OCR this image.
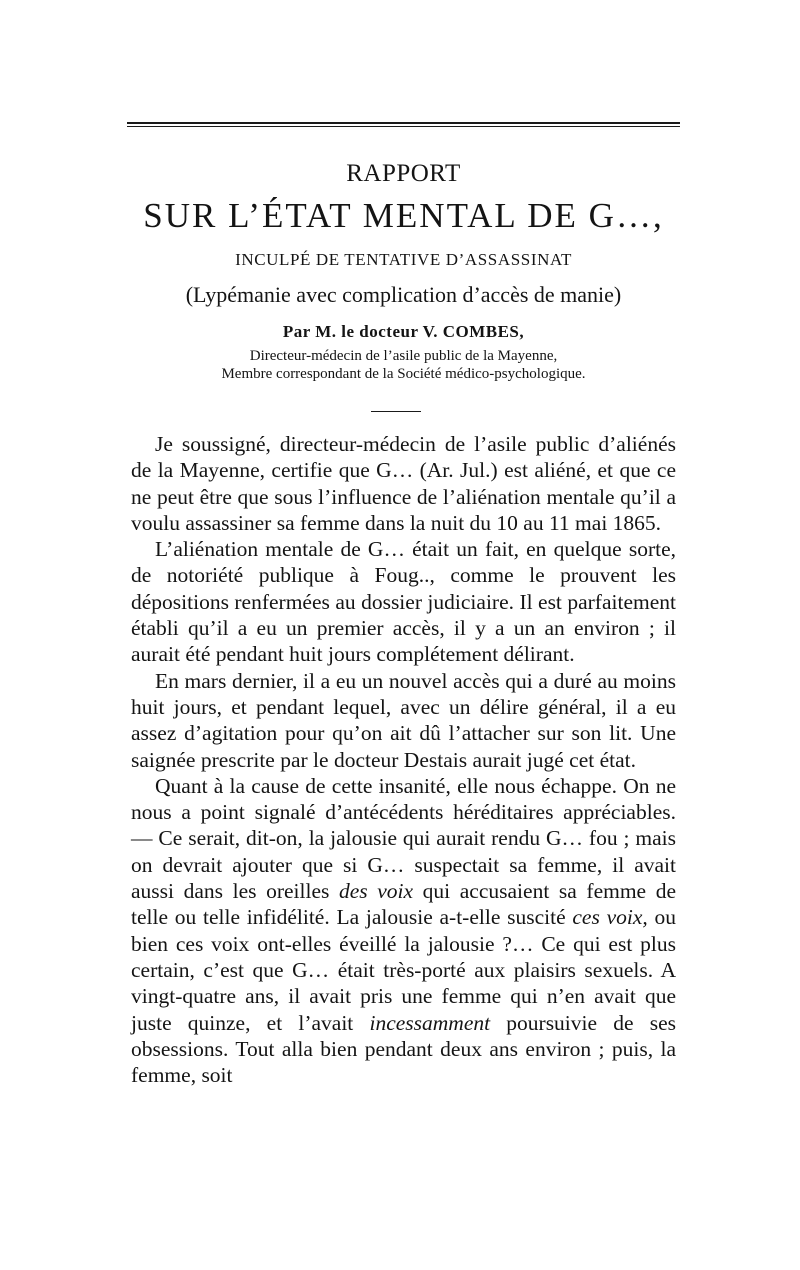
RAPPORT
SUR L’ÉTAT MENTAL DE G…,
INCULPÉ DE TENTATIVE D’ASSASSINAT
(Lypémanie avec complication d’accès de manie)
Par M. le docteur V. COMBES,
Directeur-médecin de l’asile public de la Mayenne,
Membre correspondant de la Société médico-psychologique.

Je soussigné, directeur-médecin de l’asile public d’aliénés de la Mayenne, certifie que G… (Ar. Jul.) est aliéné, et que ce ne peut être que sous l’influence de l’aliénation mentale qu’il a voulu assassiner sa femme dans la nuit du 10 au 11 mai 1865.

L’aliénation mentale de G… était un fait, en quelque sorte, de notoriété publique à Foug.., comme le prouvent les dépositions renfermées au dossier judiciaire. Il est parfaitement établi qu’il a eu un premier accès, il y a un an environ ; il aurait été pendant huit jours complétement délirant.

En mars dernier, il a eu un nouvel accès qui a duré au moins huit jours, et pendant lequel, avec un délire général, il a eu assez d’agitation pour qu’on ait dû l’attacher sur son lit. Une saignée prescrite par le docteur Destais aurait jugé cet état.

Quant à la cause de cette insanité, elle nous échappe. On ne nous a point signalé d’antécédents héréditaires appréciables. — Ce serait, dit-on, la jalousie qui aurait rendu G… fou ; mais on devrait ajouter que si G… suspectait sa femme, il avait aussi dans les oreilles des voix qui accusaient sa femme de telle ou telle infidélité. La jalousie a-t-elle suscité ces voix, ou bien ces voix ont-elles éveillé la jalousie ?… Ce qui est plus certain, c’est que G… était très-porté aux plaisirs sexuels. A vingt-quatre ans, il avait pris une femme qui n’en avait que juste quinze, et l’avait incessamment poursuivie de ses obsessions. Tout alla bien pendant deux ans environ ; puis, la femme, soit
